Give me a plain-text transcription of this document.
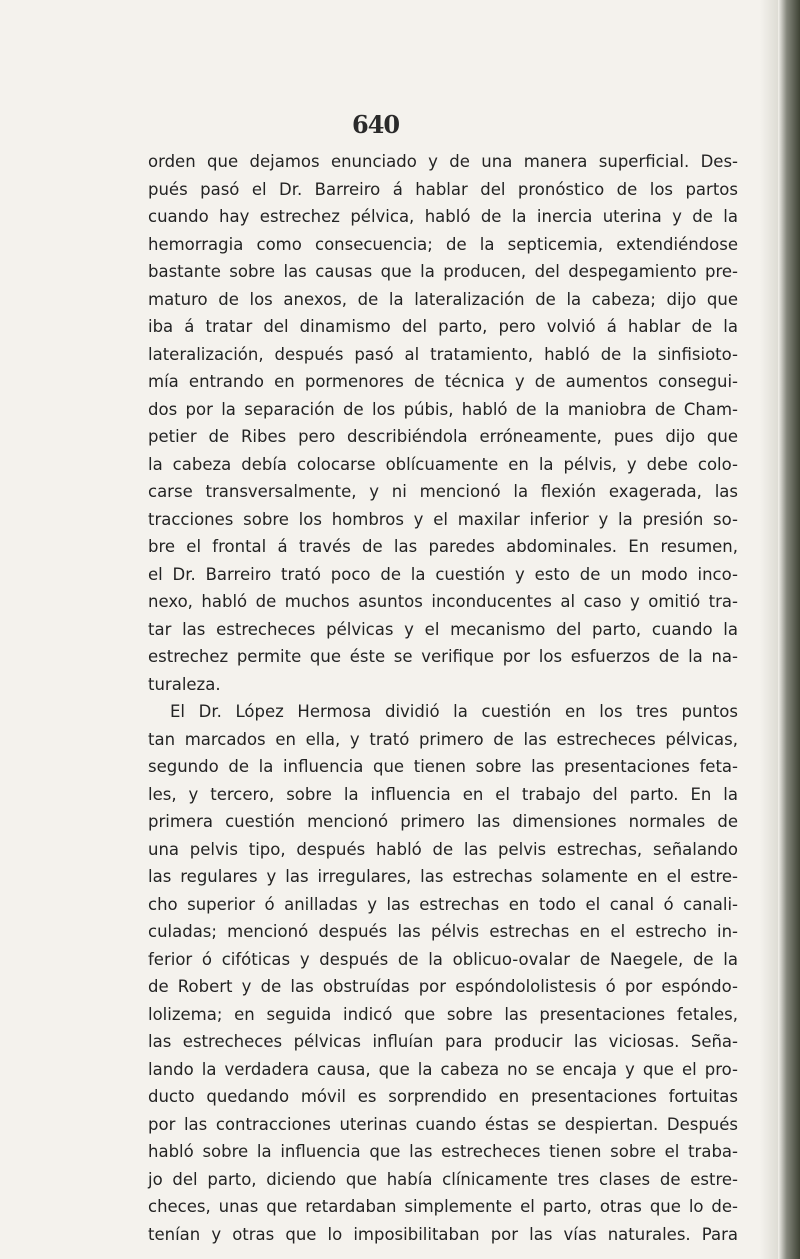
640
orden que dejamos enunciado y de una manera superficial. Des-
pués pasó el Dr. Barreiro á hablar del pronóstico de los partos
cuando hay estrechez pélvica, habló de la inercia uterina y de la
hemorragia como consecuencia; de la septicemia, extendiéndose
bastante sobre las causas que la producen, del despegamiento pre-
maturo de los anexos, de la lateralización de la cabeza; dijo que
iba á tratar del dinamismo del parto, pero volvió á hablar de la
lateralización, después pasó al tratamiento, habló de la sinfisioto-
mía entrando en pormenores de técnica y de aumentos consegui-
dos por la separación de los púbis, habló de la maniobra de Cham-
petier de Ribes pero describiéndola erróneamente, pues dijo que
la cabeza debía colocarse oblícuamente en la pélvis, y debe colo-
carse transversalmente, y ni mencionó la flexión exagerada, las
tracciones sobre los hombros y el maxilar inferior y la presión so-
bre el frontal á través de las paredes abdominales. En resumen,
el Dr. Barreiro trató poco de la cuestión y esto de un modo inco-
nexo, habló de muchos asuntos inconducentes al caso y omitió tra-
tar las estrecheces pélvicas y el mecanismo del parto, cuando la
estrechez permite que éste se verifique por los esfuerzos de la na-
turaleza.
El Dr. López Hermosa dividió la cuestión en los tres puntos
tan marcados en ella, y trató primero de las estrecheces pélvicas,
segundo de la influencia que tienen sobre las presentaciones feta-
les, y tercero, sobre la influencia en el trabajo del parto. En la
primera cuestión mencionó primero las dimensiones normales de
una pelvis tipo, después habló de las pelvis estrechas, señalando
las regulares y las irregulares, las estrechas solamente en el estre-
cho superior ó anilladas y las estrechas en todo el canal ó canali-
culadas; mencionó después las pélvis estrechas en el estrecho in-
ferior ó cifóticas y después de la oblicuo-ovalar de Naegele, de la
de Robert y de las obstruídas por espóndololistesis ó por espóndo-
lolizema; en seguida indicó que sobre las presentaciones fetales,
las estrecheces pélvicas influían para producir las viciosas. Seña-
lando la verdadera causa, que la cabeza no se encaja y que el pro-
ducto quedando móvil es sorprendido en presentaciones fortuitas
por las contracciones uterinas cuando éstas se despiertan. Después
habló sobre la influencia que las estrecheces tienen sobre el traba-
jo del parto, diciendo que había clínicamente tres clases de estre-
checes, unas que retardaban simplemente el parto, otras que lo de-
tenían y otras que lo imposibilitaban por las vías naturales. Para
